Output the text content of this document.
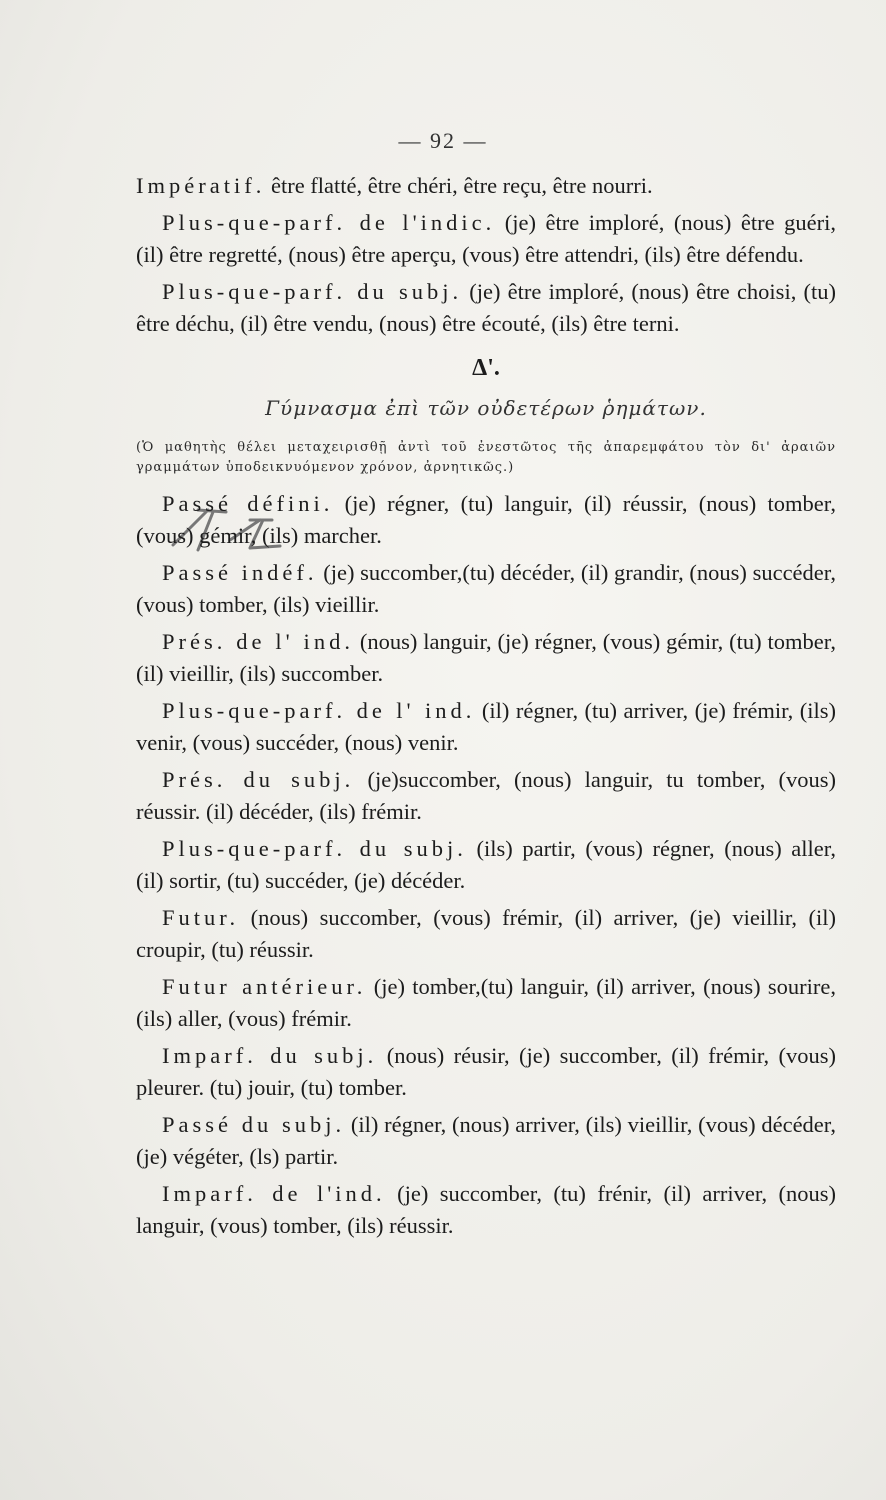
— 92 —

Impératif. être flatté, être chéri, être reçu, être nourri.

Plus-que-parf. de l'indic. (je) être imploré, (nous) être guéri, (il) être regretté, (nous) être aperçu, (vous) être attendri, (ils) être défendu.

Plus-que-parf. du subj. (je) être imploré, (nous) être choisi, (tu) être déchu, (il) être vendu, (nous) être écouté, (ils) être terni.

Δ'.
Γύμνασμα ἐπὶ τῶν οὐδετέρων ῥημάτων.
(Ὁ μαθητὴς θέλει μεταχειρισθῇ ἀντὶ τοῦ ἐνεστῶτος τῆς ἀπαρεμφάτου τὸν δι' ἀραιῶν γραμμάτων ὑποδεικνυόμενον χρόνον, ἀρνητικῶς.)

Passé défini. (je) régner, (tu) languir, (il) réussir, (nous) tomber, (vous) gémir, (ils) marcher.

Passé indéf. (je) succomber,(tu) décéder, (il) grandir, (nous) succéder, (vous) tomber, (ils) vieillir.

Prés. de l' ind. (nous) languir, (je) régner, (vous) gémir, (tu) tomber, (il) vieillir, (ils) succomber.

Plus-que-parf. de l' ind. (il) régner, (tu) arriver, (je) frémir, (ils) venir, (vous) succéder, (nous) venir.

Prés. du subj. (je)succomber, (nous) languir, tu tomber, (vous) réussir. (il) décéder, (ils) frémir.

Plus-que-parf. du subj. (ils) partir, (vous) régner, (nous) aller, (il) sortir, (tu) succéder, (je) décéder.

Futur. (nous) succomber, (vous) frémir, (il) arriver, (je) vieillir, (il) croupir, (tu) réussir.

Futur antérieur. (je) tomber,(tu) languir, (il) arriver, (nous) sourire, (ils) aller, (vous) frémir.

Imparf. du subj. (nous) réusir, (je) succomber, (il) frémir, (vous) pleurer. (tu) jouir, (tu) tomber.

Passé du subj. (il) régner, (nous) arriver, (ils) vieillir, (vous) décéder, (je) végéter, (ls) partir.

Imparf. de l'ind. (je) succomber, (tu) frénir, (il) arriver, (nous) languir, (vous) tomber, (ils) réussir.
